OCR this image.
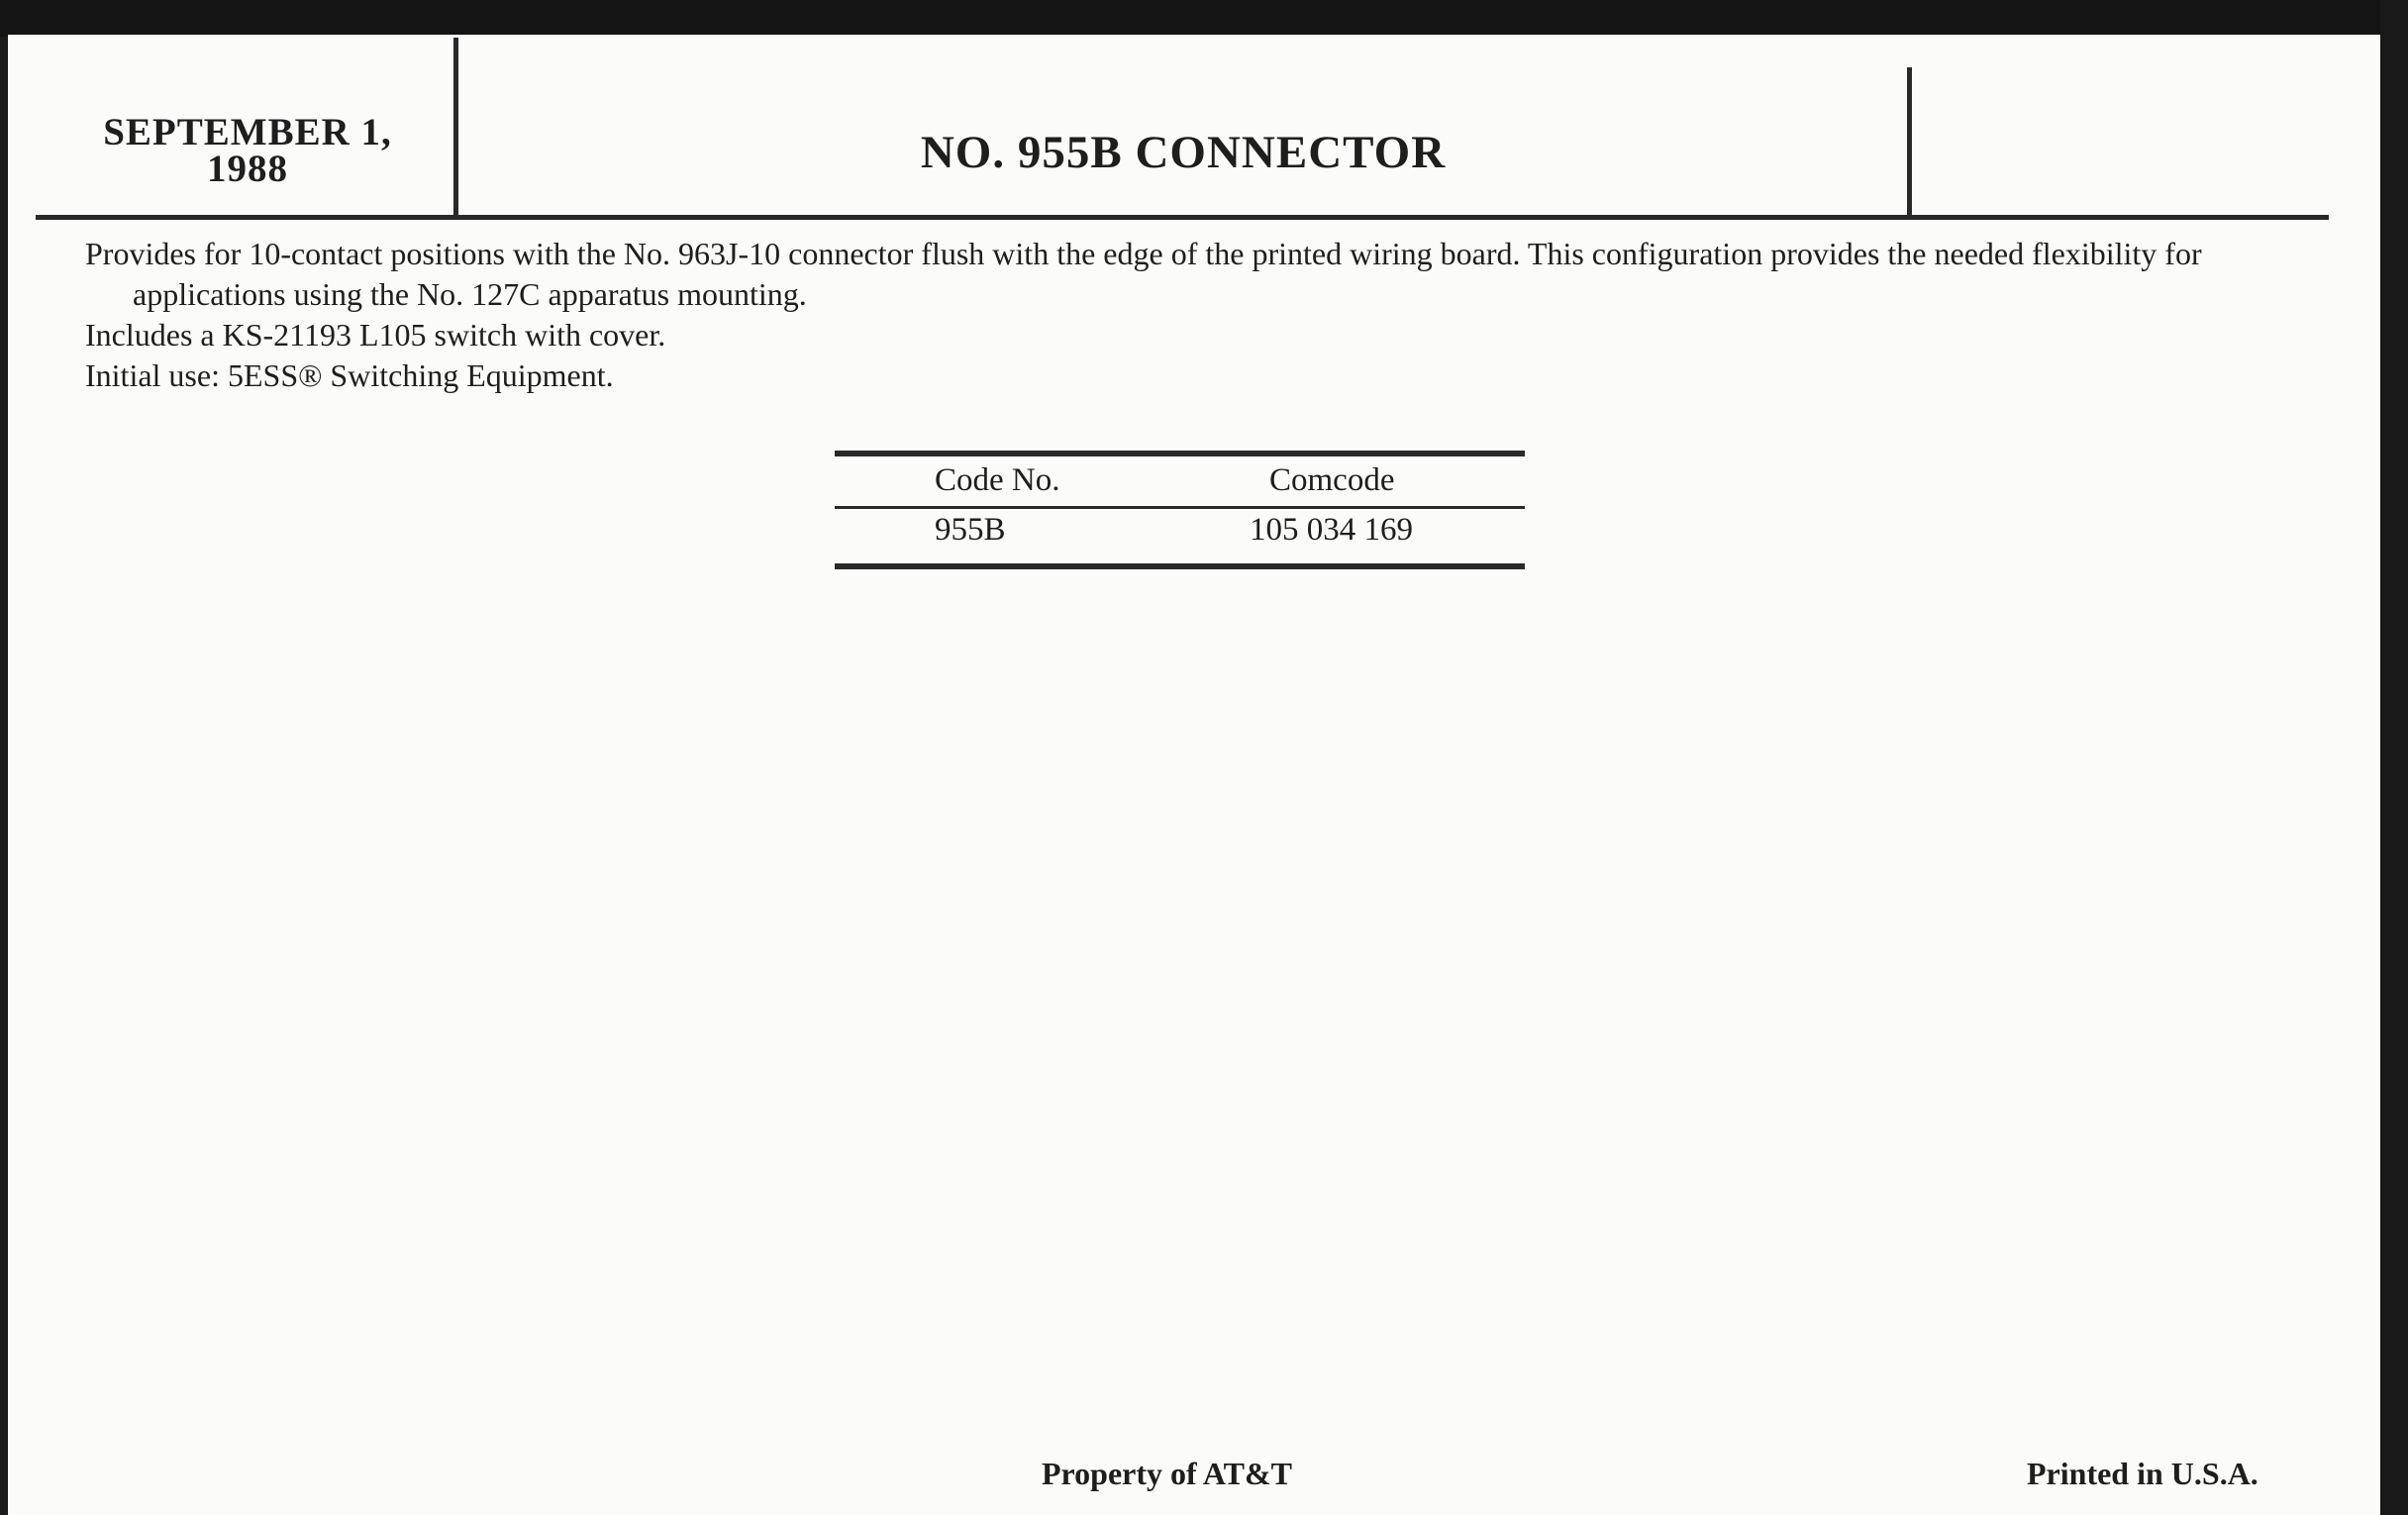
SEPTEMBER 1,
1988	NO. 955B CONNECTOR

Provides for 10-contact positions with the No. 963J-10 connector flush with the edge of the printed wiring board. This configuration provides the needed flexibility for applications using the No. 127C apparatus mounting.

Includes a KS-21193 L105 switch with cover.

Initial use: 5ESS® Switching Equipment.

Code No.	Comcode
955B	105 034 169
Property of AT&T	Printed in U.S.A.
